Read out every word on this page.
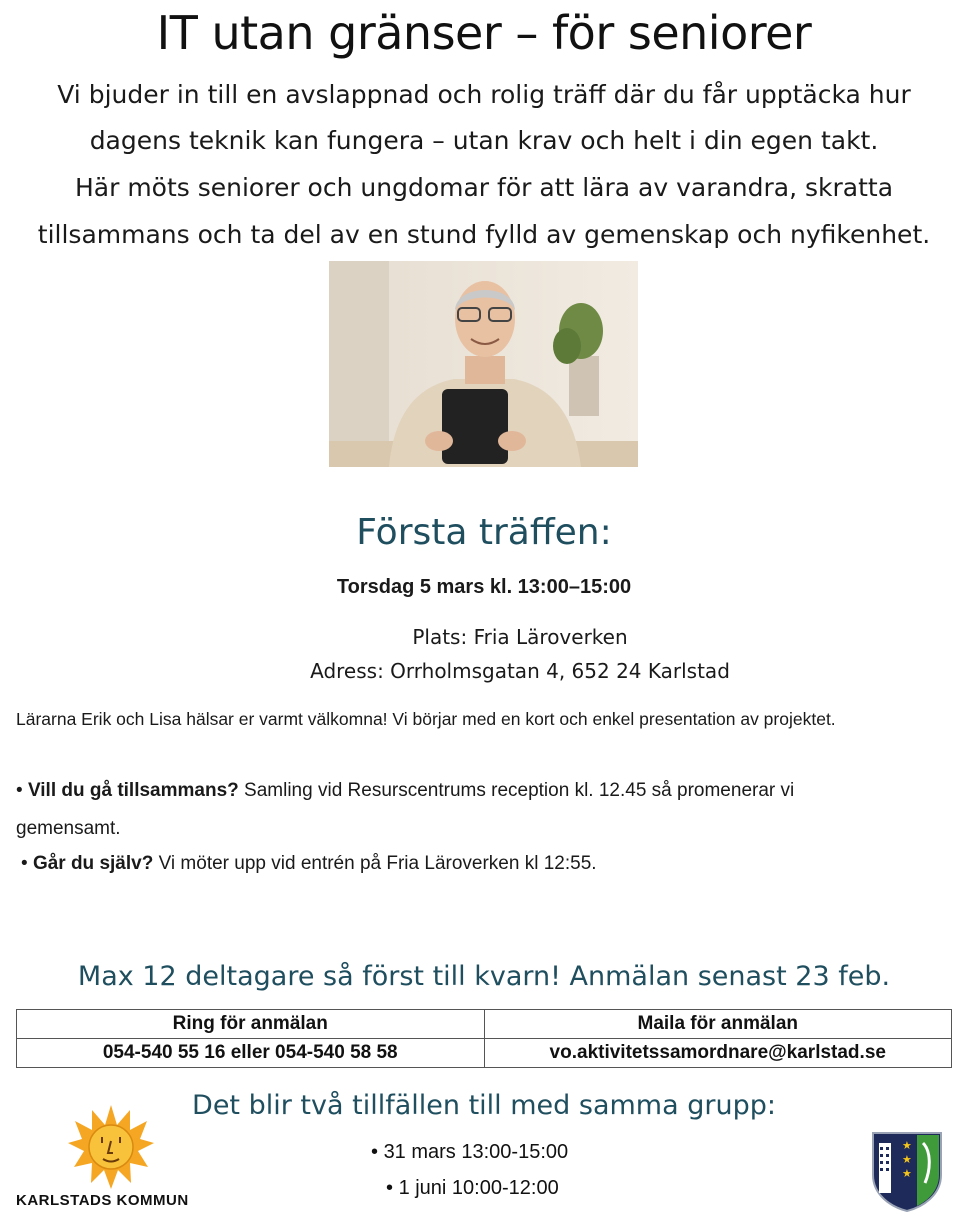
IT utan gränser – för seniorer
Vi bjuder in till en avslappnad och rolig träff där du får upptäcka hur
dagens teknik kan fungera – utan krav och helt i din egen takt.
Här möts seniorer och ungdomar för att lära av varandra, skratta
tillsammans och ta del av en stund fylld av gemenskap och nyfikenhet.
Första träffen:
Torsdag 5 mars kl. 13:00–15:00
Plats: Fria Läroverken
Adress: Orrholmsgatan 4, 652 24 Karlstad
Lärarna Erik och Lisa hälsar er varmt välkomna! Vi börjar med en kort och enkel presentation av projektet.
• Vill du gå tillsammans? Samling vid Resurscentrums reception kl. 12.45 så promenerar vi
gemensamt.
• Går du själv? Vi möter upp vid entrén på Fria Läroverken kl 12:55.
Max 12 deltagare så först till kvarn! Anmälan senast 23 feb.
Ring för anmälan	Maila för anmälan
054-540 55 16 eller 054-540 58 58	vo.aktivitetssamordnare@karlstad.se
Det blir två tillfällen till med samma grupp:
• 31 mars 13:00-15:00
• 1 juni 10:00-12:00
KARLSTADS KOMMUN
★
★
★
